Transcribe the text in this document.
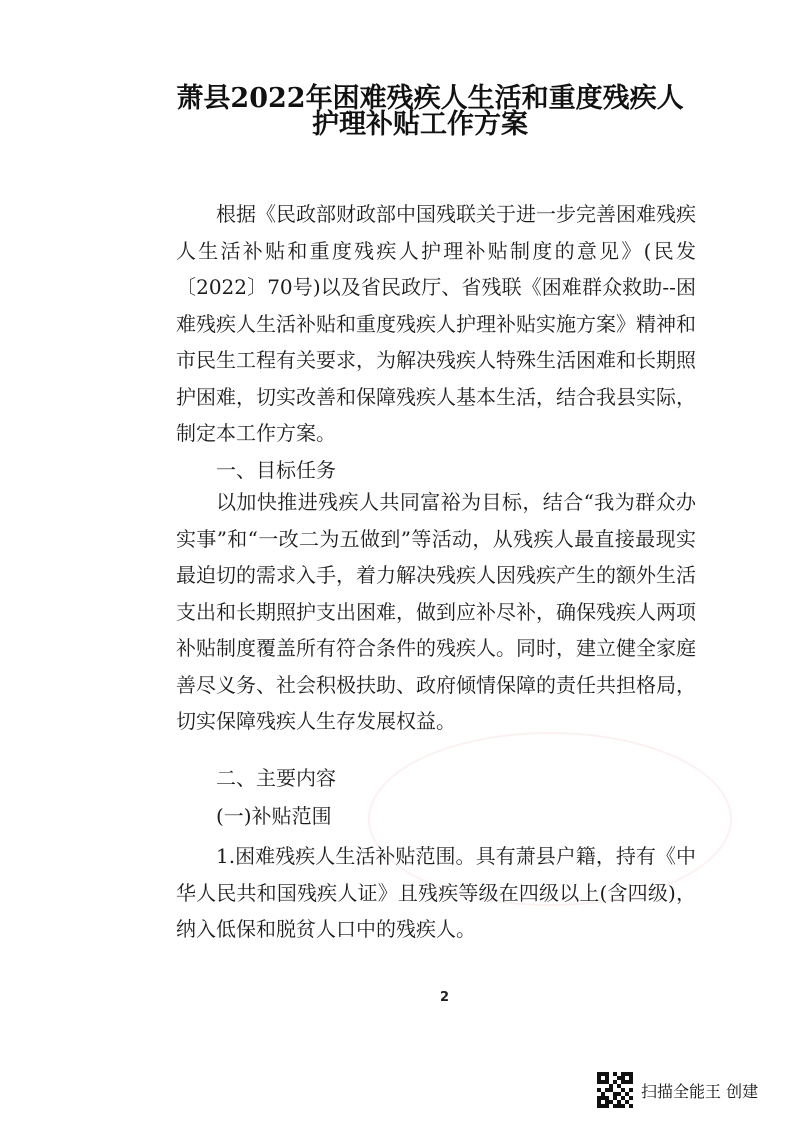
萧县2022年困难残疾人生活和重度残疾人
护理补贴工作方案

根据《民政部财政部中国残联关于进一步完善困难残疾人生活补贴和重度残疾人护理补贴制度的意见》(民发〔2022〕70号)以及省民政厅、省残联《困难群众救助--困难残疾人生活补贴和重度残疾人护理补贴实施方案》精神和市民生工程有关要求，为解决残疾人特殊生活困难和长期照护困难，切实改善和保障残疾人基本生活，结合我县实际，制定本工作方案。

一、目标任务

以加快推进残疾人共同富裕为目标，结合“我为群众办实事”和“一改二为五做到”等活动，从残疾人最直接最现实最迫切的需求入手，着力解决残疾人因残疾产生的额外生活支出和长期照护支出困难，做到应补尽补，确保残疾人两项补贴制度覆盖所有符合条件的残疾人。同时，建立健全家庭善尽义务、社会积极扶助、政府倾情保障的责任共担格局，切实保障残疾人生存发展权益。

二、主要内容

(一)补贴范围

1.困难残疾人生活补贴范围。具有萧县户籍，持有《中华人民共和国残疾人证》且残疾等级在四级以上(含四级)，纳入低保和脱贫人口中的残疾人。

2
扫描全能王 创建
